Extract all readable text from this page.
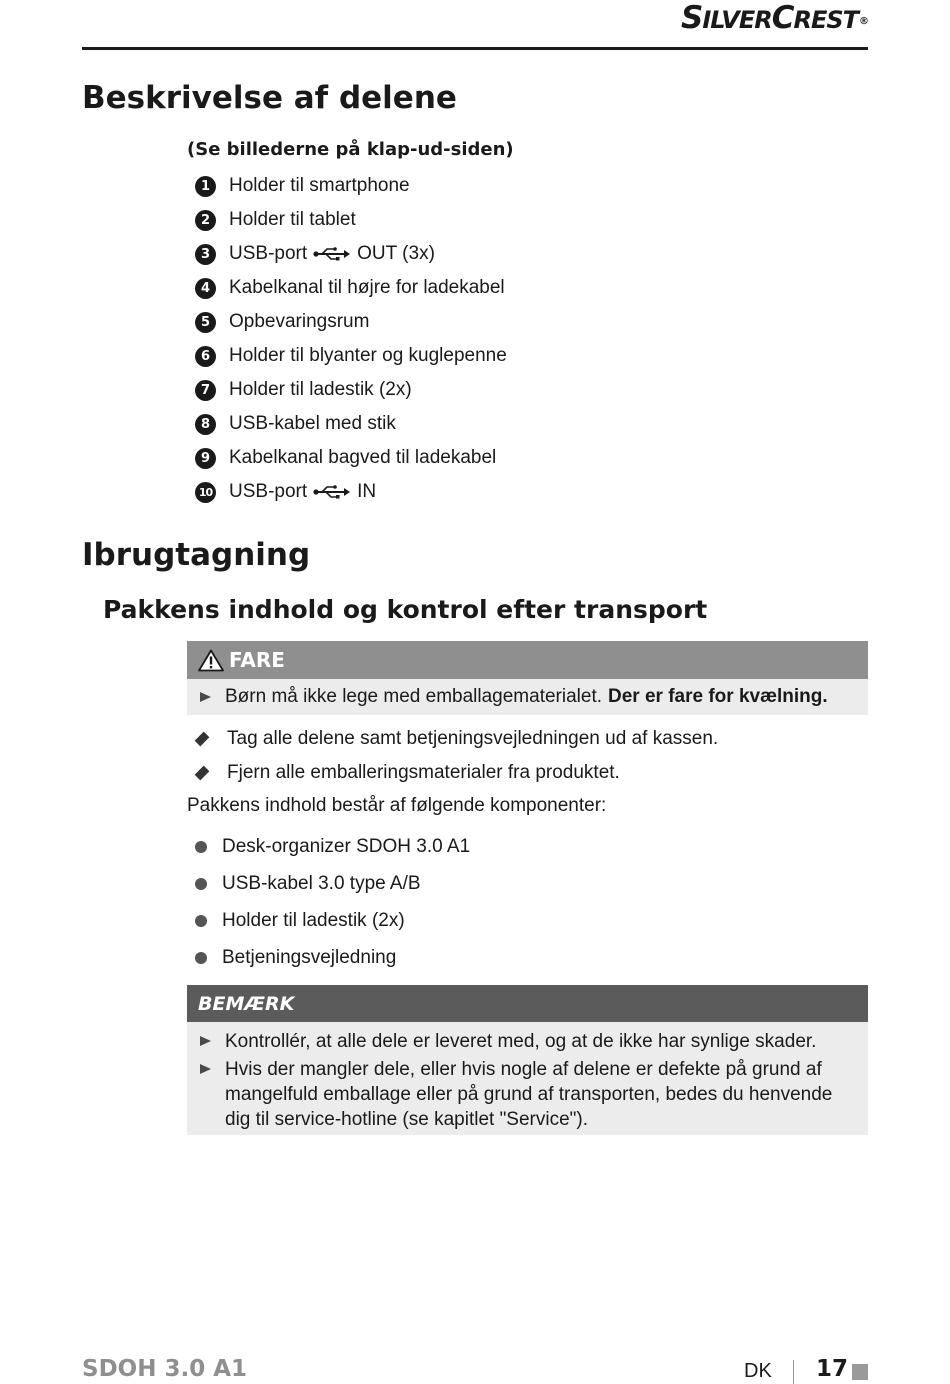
SILVERCREST®
Beskrivelse af delene
(Se billederne på klap-ud-siden)
1 Holder til smartphone
2 Holder til tablet
3 USB-port	OUT (3x)
4 Kabelkanal til højre for ladekabel
5 Opbevaringsrum
6 Holder til blyanter og kuglepenne
7 Holder til ladestik (2x)
8 USB-kabel med stik
9 Kabelkanal bagved til ladekabel
10 USB-port	IN
Ibrugtagning
Pakkens indhold og kontrol efter transport
FARE
Børn må ikke lege med emballagematerialet. Der er fare for kvælning.
Tag alle delene samt betjeningsvejledningen ud af kassen.
Fjern alle emballeringsmaterialer fra produktet.
Pakkens indhold består af følgende komponenter:
Desk-organizer SDOH 3.0 A1
USB-kabel 3.0 type A/B
Holder til ladestik (2x)
Betjeningsvejledning
BEMÆRK
Kontrollér, at alle dele er leveret med, og at de ikke har synlige skader.
Hvis der mangler dele, eller hvis nogle af delene er defekte på grund af mangelfuld emballage eller på grund af transporten, bedes du henvende dig til service-hotline (se kapitlet "Service").
SDOH 3.0 A1	DK 17
